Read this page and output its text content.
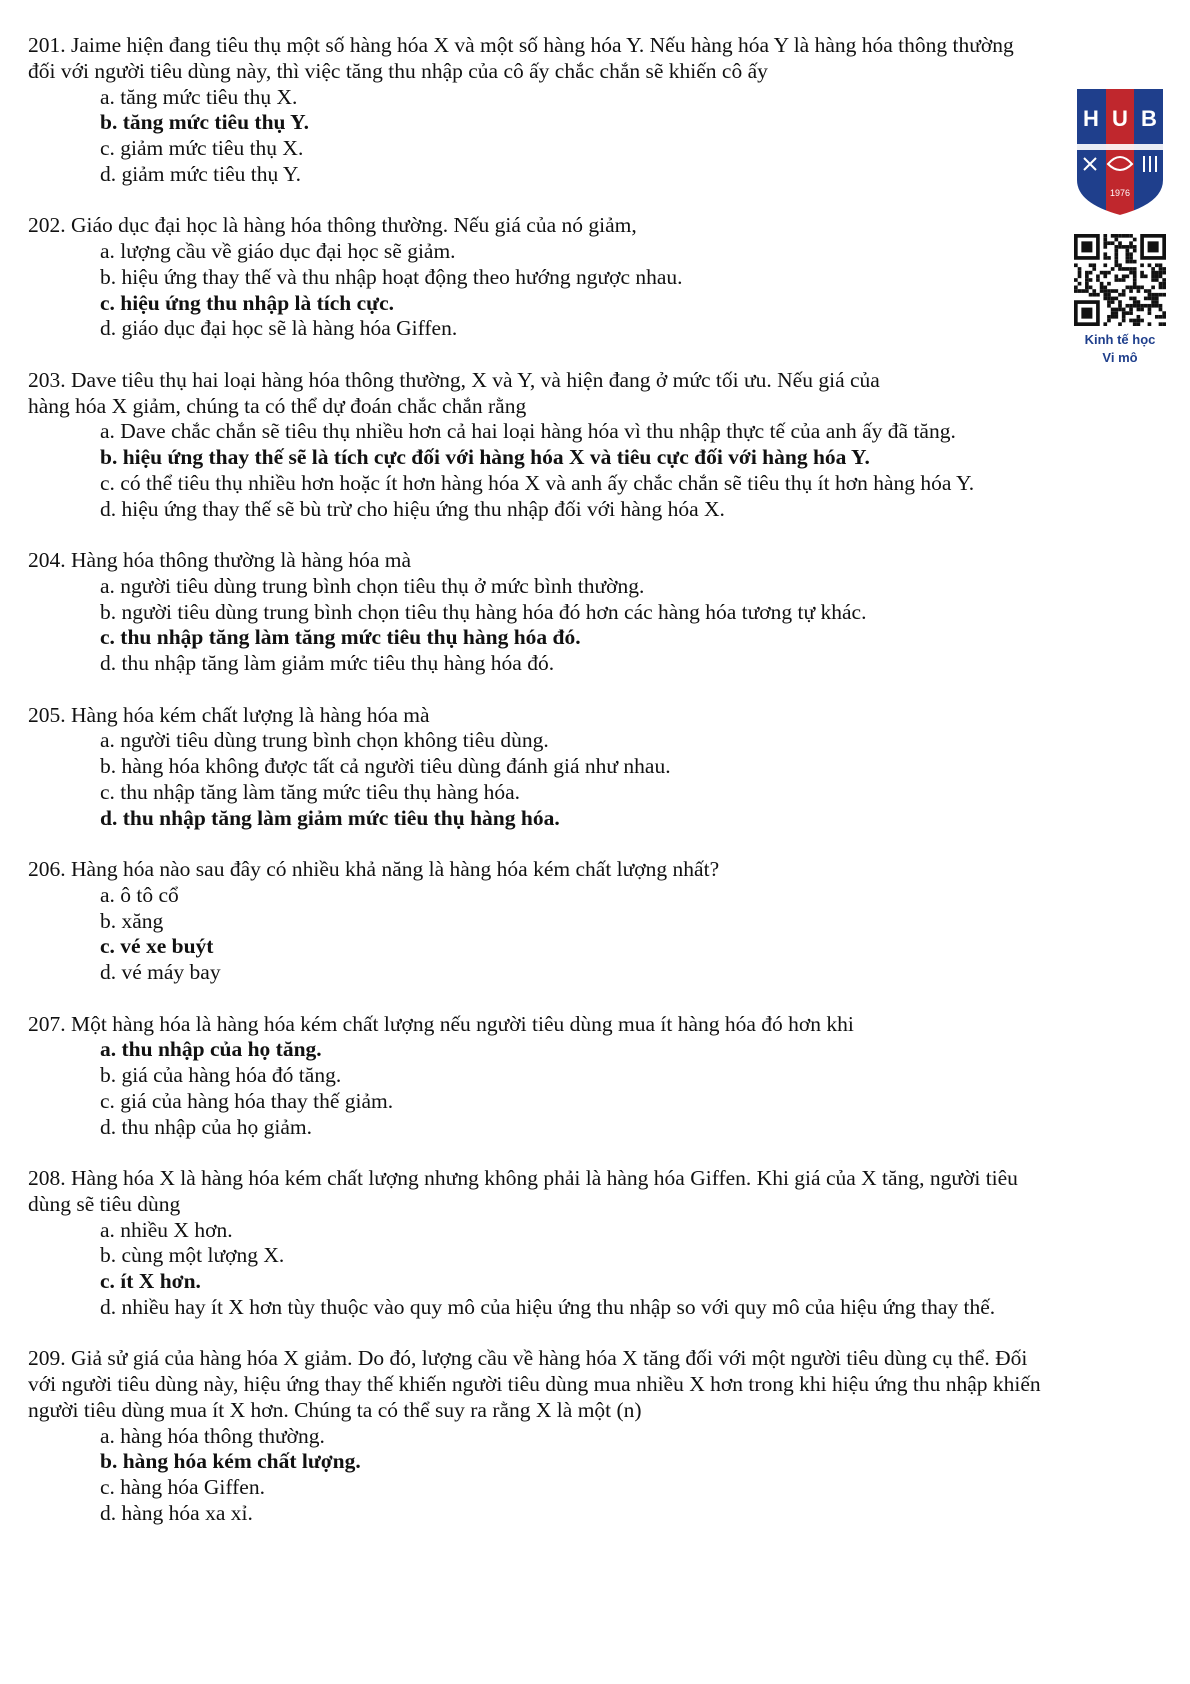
201. Jaime hiện đang tiêu thụ một số hàng hóa X và một số hàng hóa Y. Nếu hàng hóa Y là hàng hóa thông thường
đối với người tiêu dùng này, thì việc tăng thu nhập của cô ấy chắc chắn sẽ khiến cô ấy
a. tăng mức tiêu thụ X.
b. tăng mức tiêu thụ Y.
c. giảm mức tiêu thụ X.
d. giảm mức tiêu thụ Y.
202. Giáo dục đại học là hàng hóa thông thường. Nếu giá của nó giảm,
a. lượng cầu về giáo dục đại học sẽ giảm.
b. hiệu ứng thay thế và thu nhập hoạt động theo hướng ngược nhau.
c. hiệu ứng thu nhập là tích cực.
d. giáo dục đại học sẽ là hàng hóa Giffen.
203. Dave tiêu thụ hai loại hàng hóa thông thường, X và Y, và hiện đang ở mức tối ưu. Nếu giá của
hàng hóa X giảm, chúng ta có thể dự đoán chắc chắn rằng
a. Dave chắc chắn sẽ tiêu thụ nhiều hơn cả hai loại hàng hóa vì thu nhập thực tế của anh ấy đã tăng.
b. hiệu ứng thay thế sẽ là tích cực đối với hàng hóa X và tiêu cực đối với hàng hóa Y.
c. có thể tiêu thụ nhiều hơn hoặc ít hơn hàng hóa X và anh ấy chắc chắn sẽ tiêu thụ ít hơn hàng hóa Y.
d. hiệu ứng thay thế sẽ bù trừ cho hiệu ứng thu nhập đối với hàng hóa X.
204. Hàng hóa thông thường là hàng hóa mà
a. người tiêu dùng trung bình chọn tiêu thụ ở mức bình thường.
b. người tiêu dùng trung bình chọn tiêu thụ hàng hóa đó hơn các hàng hóa tương tự khác.
c. thu nhập tăng làm tăng mức tiêu thụ hàng hóa đó.
d. thu nhập tăng làm giảm mức tiêu thụ hàng hóa đó.
205. Hàng hóa kém chất lượng là hàng hóa mà
a. người tiêu dùng trung bình chọn không tiêu dùng.
b. hàng hóa không được tất cả người tiêu dùng đánh giá như nhau.
c. thu nhập tăng làm tăng mức tiêu thụ hàng hóa.
d. thu nhập tăng làm giảm mức tiêu thụ hàng hóa.
206. Hàng hóa nào sau đây có nhiều khả năng là hàng hóa kém chất lượng nhất?
a. ô tô cổ
b. xăng
c. vé xe buýt
d. vé máy bay
207. Một hàng hóa là hàng hóa kém chất lượng nếu người tiêu dùng mua ít hàng hóa đó hơn khi
a. thu nhập của họ tăng.
b. giá của hàng hóa đó tăng.
c. giá của hàng hóa thay thế giảm.
d. thu nhập của họ giảm.
208. Hàng hóa X là hàng hóa kém chất lượng nhưng không phải là hàng hóa Giffen. Khi giá của X tăng, người tiêu
dùng sẽ tiêu dùng
a. nhiều X hơn.
b. cùng một lượng X.
c. ít X hơn.
d. nhiều hay ít X hơn tùy thuộc vào quy mô của hiệu ứng thu nhập so với quy mô của hiệu ứng thay thế.
209. Giả sử giá của hàng hóa X giảm. Do đó, lượng cầu về hàng hóa X tăng đối với một người tiêu dùng cụ thể. Đối
với người tiêu dùng này, hiệu ứng thay thế khiến người tiêu dùng mua nhiều X hơn trong khi hiệu ứng thu nhập khiến
người tiêu dùng mua ít X hơn. Chúng ta có thể suy ra rằng X là một (n)
a. hàng hóa thông thường.
b. hàng hóa kém chất lượng.
c. hàng hóa Giffen.
d. hàng hóa xa xỉ.
H U B
1976
Kinh tế học
Vi mô
